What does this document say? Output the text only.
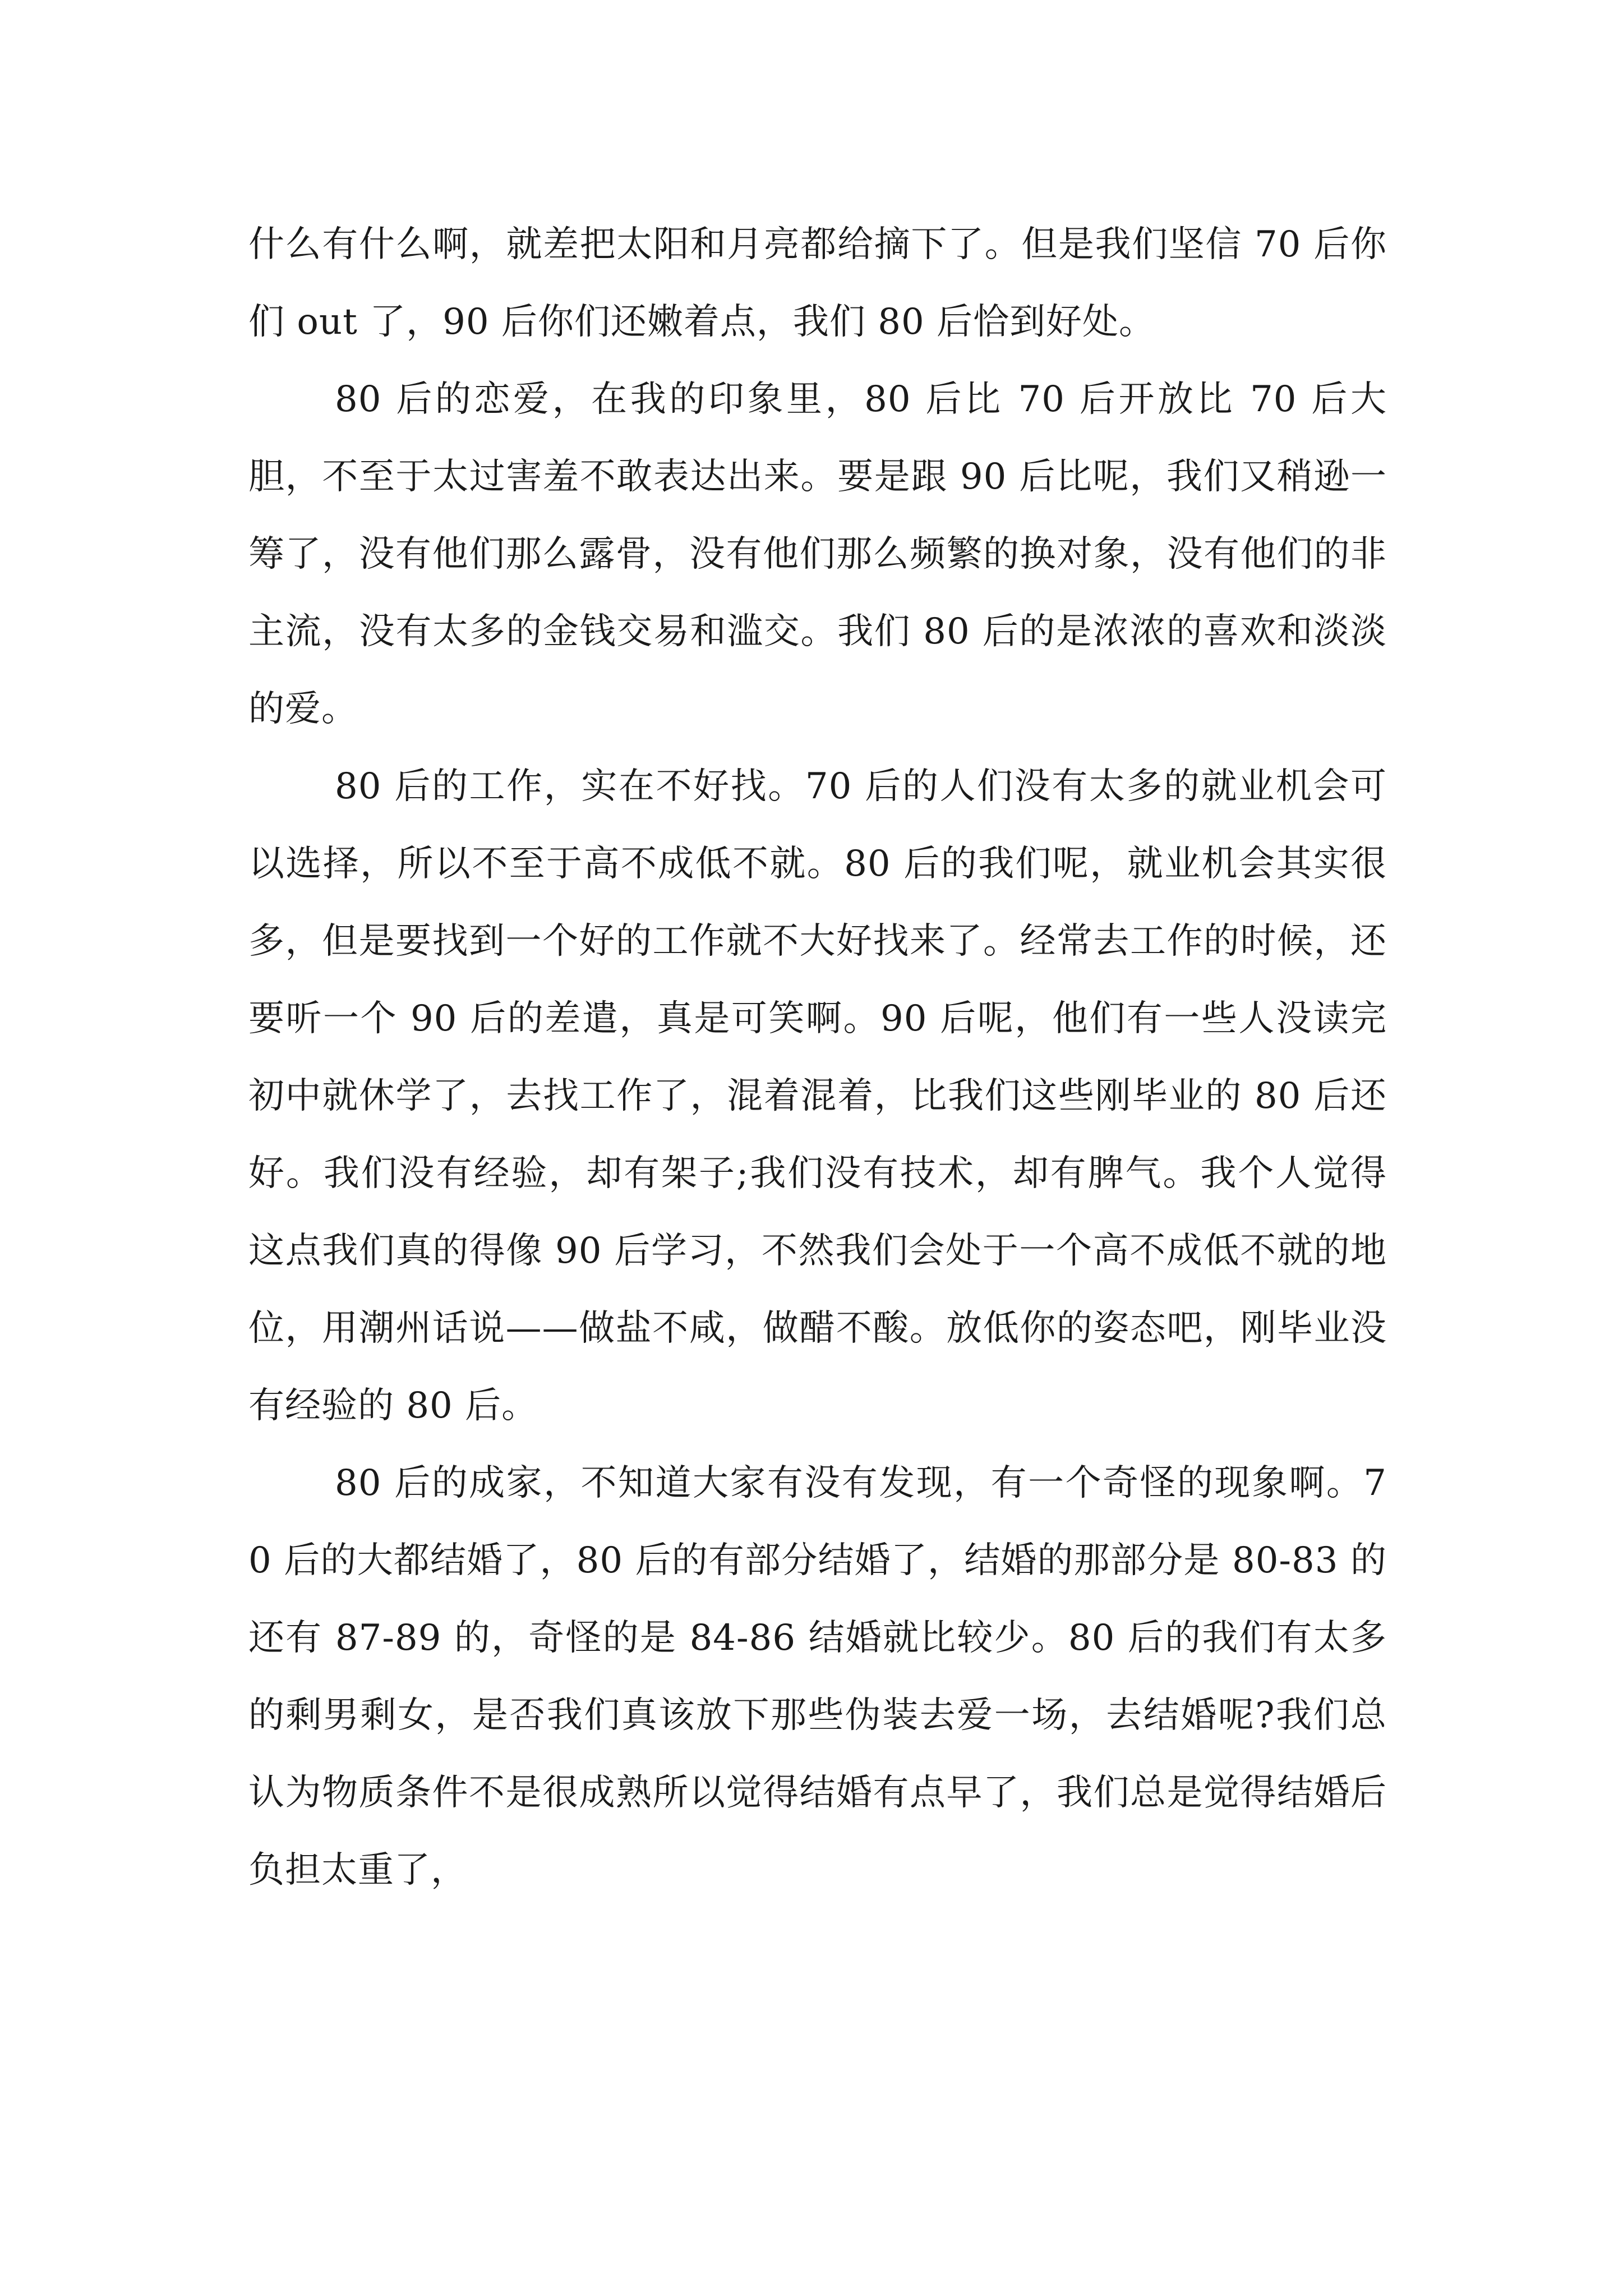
什么有什么啊，就差把太阳和月亮都给摘下了。但是我们坚信 70 后你们 out 了，90 后你们还嫩着点，我们 80 后恰到好处。

80 后的恋爱，在我的印象里，80 后比 70 后开放比 70 后大胆，不至于太过害羞不敢表达出来。要是跟 90 后比呢，我们又稍逊一筹了，没有他们那么露骨，没有他们那么频繁的换对象，没有他们的非主流，没有太多的金钱交易和滥交。我们 80 后的是浓浓的喜欢和淡淡的爱。

80 后的工作，实在不好找。70 后的人们没有太多的就业机会可以选择，所以不至于高不成低不就。80 后的我们呢，就业机会其实很多，但是要找到一个好的工作就不大好找来了。经常去工作的时候，还要听一个 90 后的差遣，真是可笑啊。90 后呢，他们有一些人没读完初中就休学了，去找工作了，混着混着，比我们这些刚毕业的 80 后还好。我们没有经验，却有架子;我们没有技术，却有脾气。我个人觉得这点我们真的得像 90 后学习，不然我们会处于一个高不成低不就的地位，用潮州话说——做盐不咸，做醋不酸。放低你的姿态吧，刚毕业没有经验的 80 后。

80 后的成家，不知道大家有没有发现，有一个奇怪的现象啊。70 后的大都结婚了，80 后的有部分结婚了，结婚的那部分是 80-83 的还有 87-89 的，奇怪的是 84-86 结婚就比较少。80 后的我们有太多的剩男剩女，是否我们真该放下那些伪装去爱一场，去结婚呢?我们总认为物质条件不是很成熟所以觉得结婚有点早了，我们总是觉得结婚后负担太重了，
